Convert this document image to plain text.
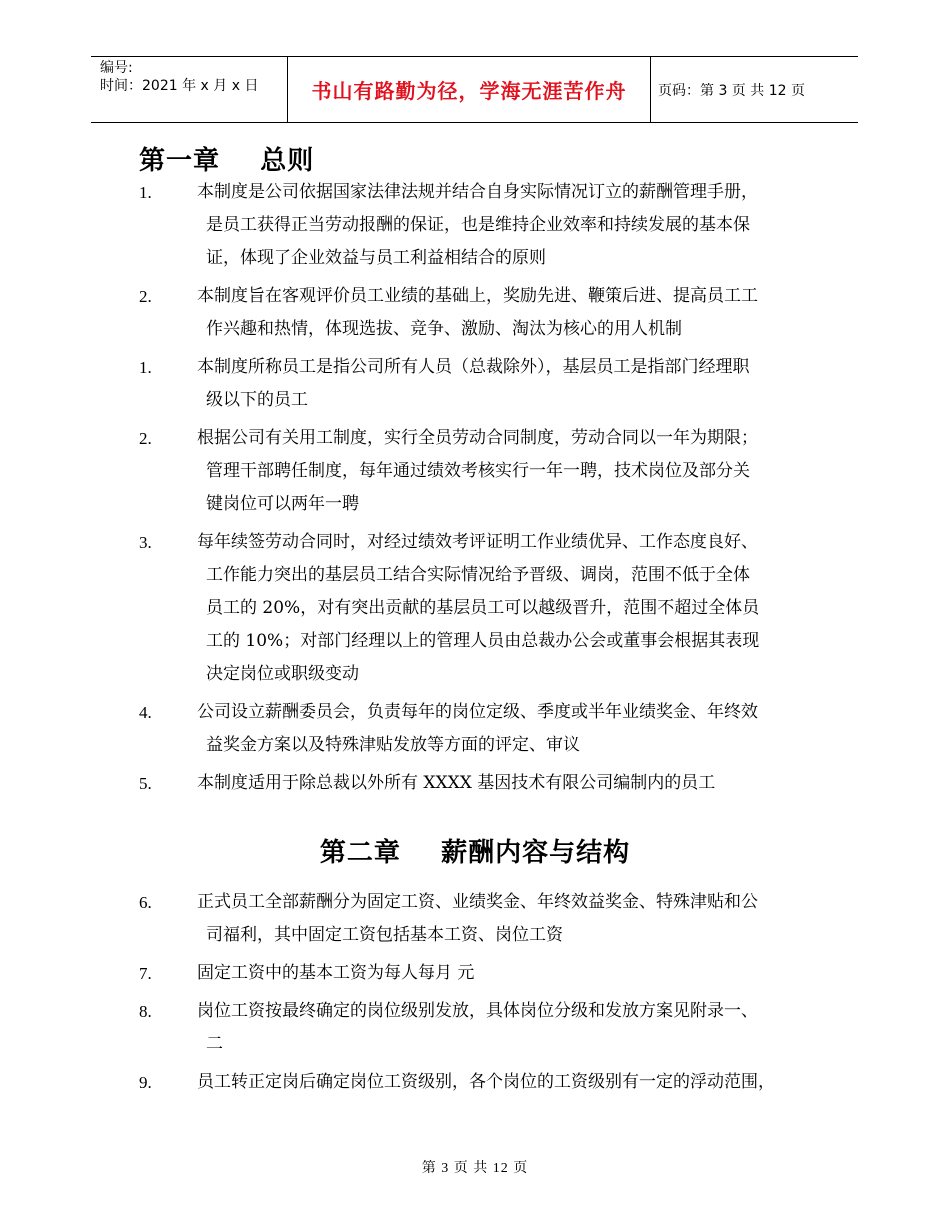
编号:
时间：2021 年 x 月 x 日	书山有路勤为径，学海无涯苦作舟 页码：第 3 页 共 12 页
第一章    总则
1.	本制度是公司依据国家法律法规并结合自身实际情况订立的薪酬管理手册，
是员工获得正当劳动报酬的保证，也是维持企业效率和持续发展的基本保
证，体现了企业效益与员工利益相结合的原则
2.	本制度旨在客观评价员工业绩的基础上，奖励先进、鞭策后进、提高员工工
作兴趣和热情，体现选拔、竞争、激励、淘汰为核心的用人机制
1.	本制度所称员工是指公司所有人员（总裁除外），基层员工是指部门经理职
级以下的员工
2.	根据公司有关用工制度，实行全员劳动合同制度，劳动合同以一年为期限；
管理干部聘任制度，每年通过绩效考核实行一年一聘，技术岗位及部分关
键岗位可以两年一聘
3.	每年续签劳动合同时，对经过绩效考评证明工作业绩优异、工作态度良好、
工作能力突出的基层员工结合实际情况给予晋级、调岗，范围不低于全体
员工的 20%，对有突出贡献的基层员工可以越级晋升，范围不超过全体员
工的 10%；对部门经理以上的管理人员由总裁办公会或董事会根据其表现
决定岗位或职级变动
4.	公司设立薪酬委员会，负责每年的岗位定级、季度或半年业绩奖金、年终效
益奖金方案以及特殊津贴发放等方面的评定、审议
5.	本制度适用于除总裁以外所有 XXXX 基因技术有限公司编制内的员工
第二章    薪酬内容与结构
6.	正式员工全部薪酬分为固定工资、业绩奖金、年终效益奖金、特殊津贴和公
司福利，其中固定工资包括基本工资、岗位工资
7.	固定工资中的基本工资为每人每月 元
8.	岗位工资按最终确定的岗位级别发放，具体岗位分级和发放方案见附录一、
二
9.	员工转正定岗后确定岗位工资级别，各个岗位的工资级别有一定的浮动范围，
第 3 页 共 12 页
